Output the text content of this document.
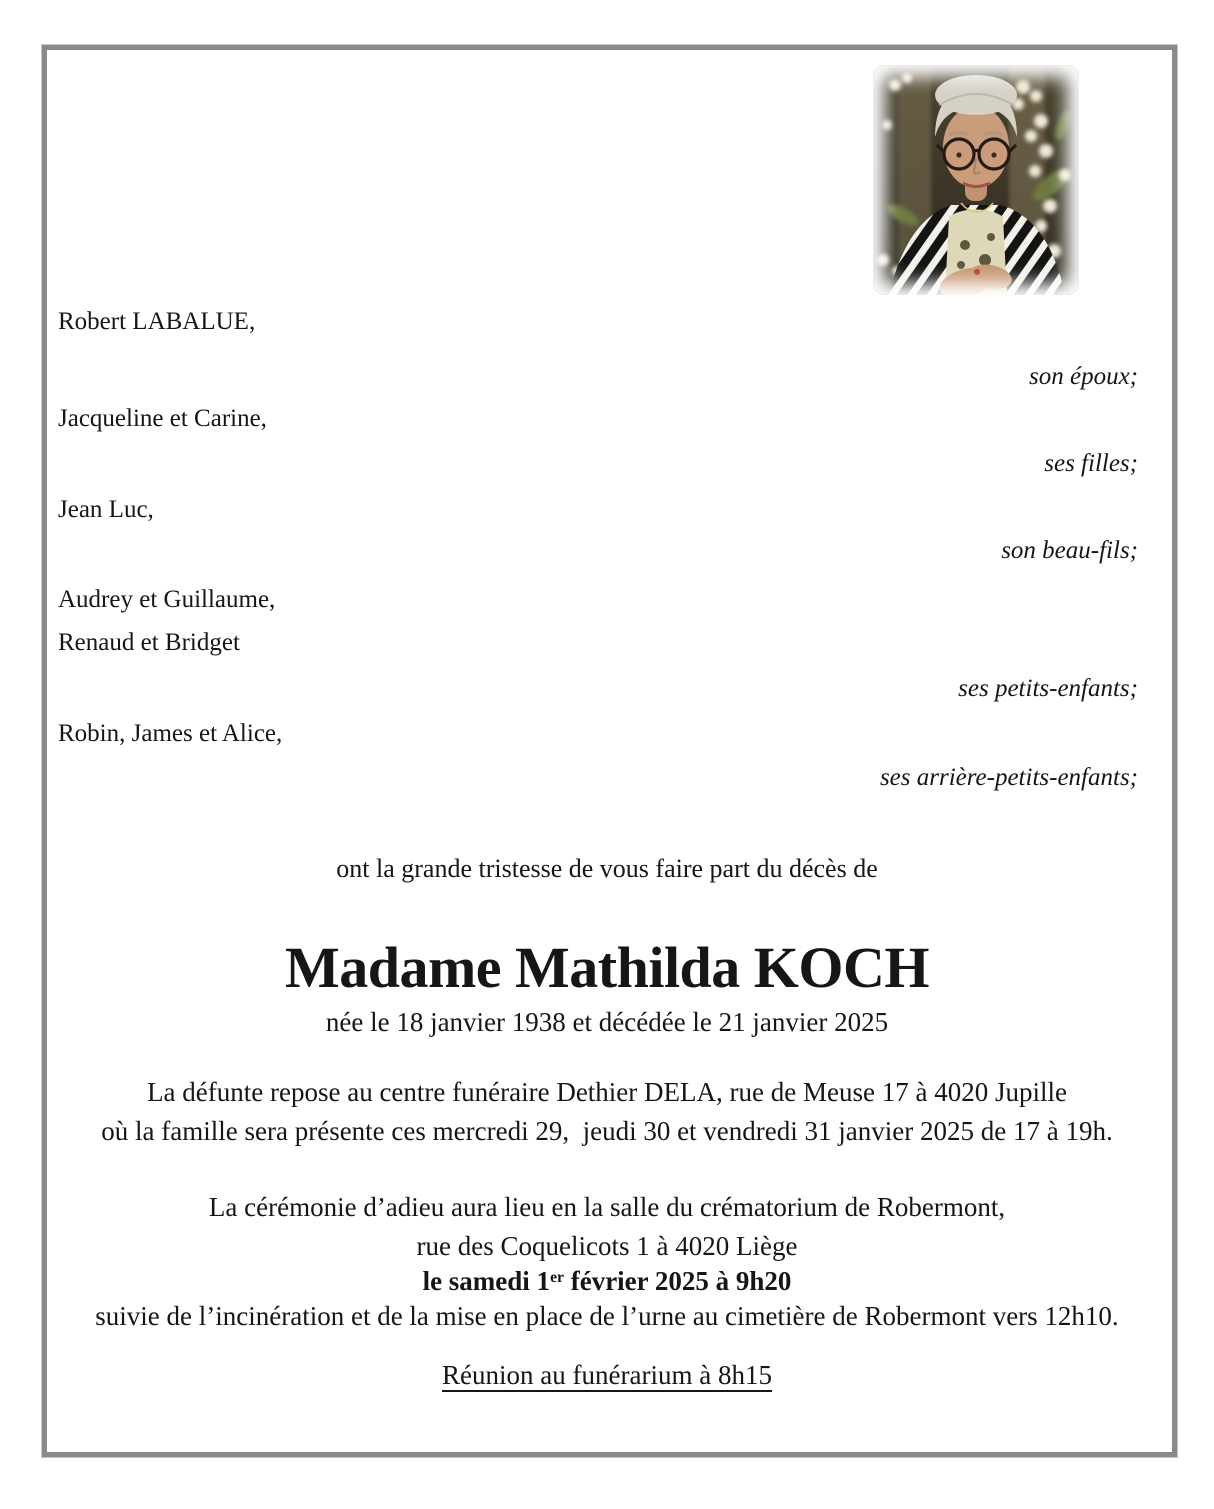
Robert LABALUE,
son époux;
Jacqueline et Carine,
ses filles;
Jean Luc,
son beau-fils;
Audrey et Guillaume,
Renaud et Bridget
ses petits-enfants;
Robin, James et Alice,
ses arrière-petits-enfants;
ont la grande tristesse de vous faire part du décès de
Madame Mathilda KOCH
née le 18 janvier 1938 et décédée le 21 janvier 2025
La défunte repose au centre funéraire Dethier DELA, rue de Meuse 17 à 4020 Jupille
où la famille sera présente ces mercredi 29,  jeudi 30 et vendredi 31 janvier 2025 de 17 à 19h.
La cérémonie d’adieu aura lieu en la salle du crématorium de Robermont,
rue des Coquelicots 1 à 4020 Liège
le samedi 1er février 2025 à 9h20
suivie de l’incinération et de la mise en place de l’urne au cimetière de Robermont vers 12h10.
Réunion au funérarium à 8h15
